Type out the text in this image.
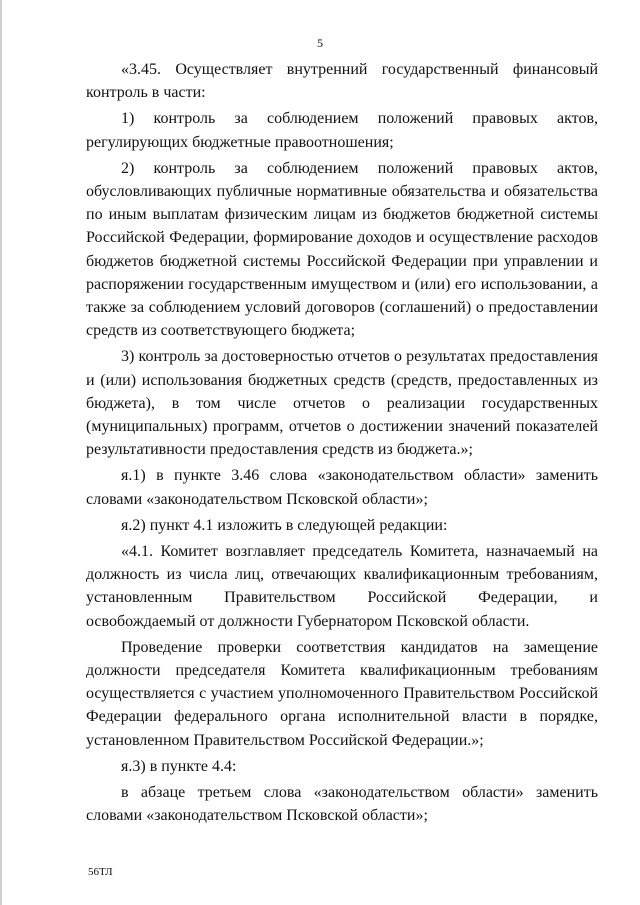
5

«3.45. Осуществляет внутренний государственный финансовый контроль в части:

1) контроль за соблюдением положений правовых актов, регулирующих бюджетные правоотношения;

2) контроль за соблюдением положений правовых актов, обусловливающих публичные нормативные обязательства и обязательства по иным выплатам физическим лицам из бюджетов бюджетной системы Российской Федерации, формирование доходов и осуществление расходов бюджетов бюджетной системы Российской Федерации при управлении и распоряжении государственным имуществом и (или) его использовании, а также за соблюдением условий договоров (соглашений) о предоставлении средств из соответствующего бюджета;

3) контроль за достоверностью отчетов о результатах предоставления и (или) использования бюджетных средств (средств, предоставленных из бюджета), в том числе отчетов о реализации государственных (муниципальных) программ, отчетов о достижении значений показателей результативности предоставления средств из бюджета.»;

я.1) в пункте 3.46 слова «законодательством области» заменить словами «законодательством Псковской области»;

я.2) пункт 4.1 изложить в следующей редакции:

«4.1. Комитет возглавляет председатель Комитета, назначаемый на должность из числа лиц, отвечающих квалификационным требованиям, установленным Правительством Российской Федерации, и освобождаемый от должности Губернатором Псковской области.

Проведение проверки соответствия кандидатов на замещение должности председателя Комитета квалификационным требованиям осуществляется с участием уполномоченного Правительством Российской Федерации федерального органа исполнительной власти в порядке, установленном Правительством Российской Федерации.»;

я.3) в пункте 4.4:

в абзаце третьем слова «законодательством области» заменить словами «законодательством Псковской области»;

56ТЛ
